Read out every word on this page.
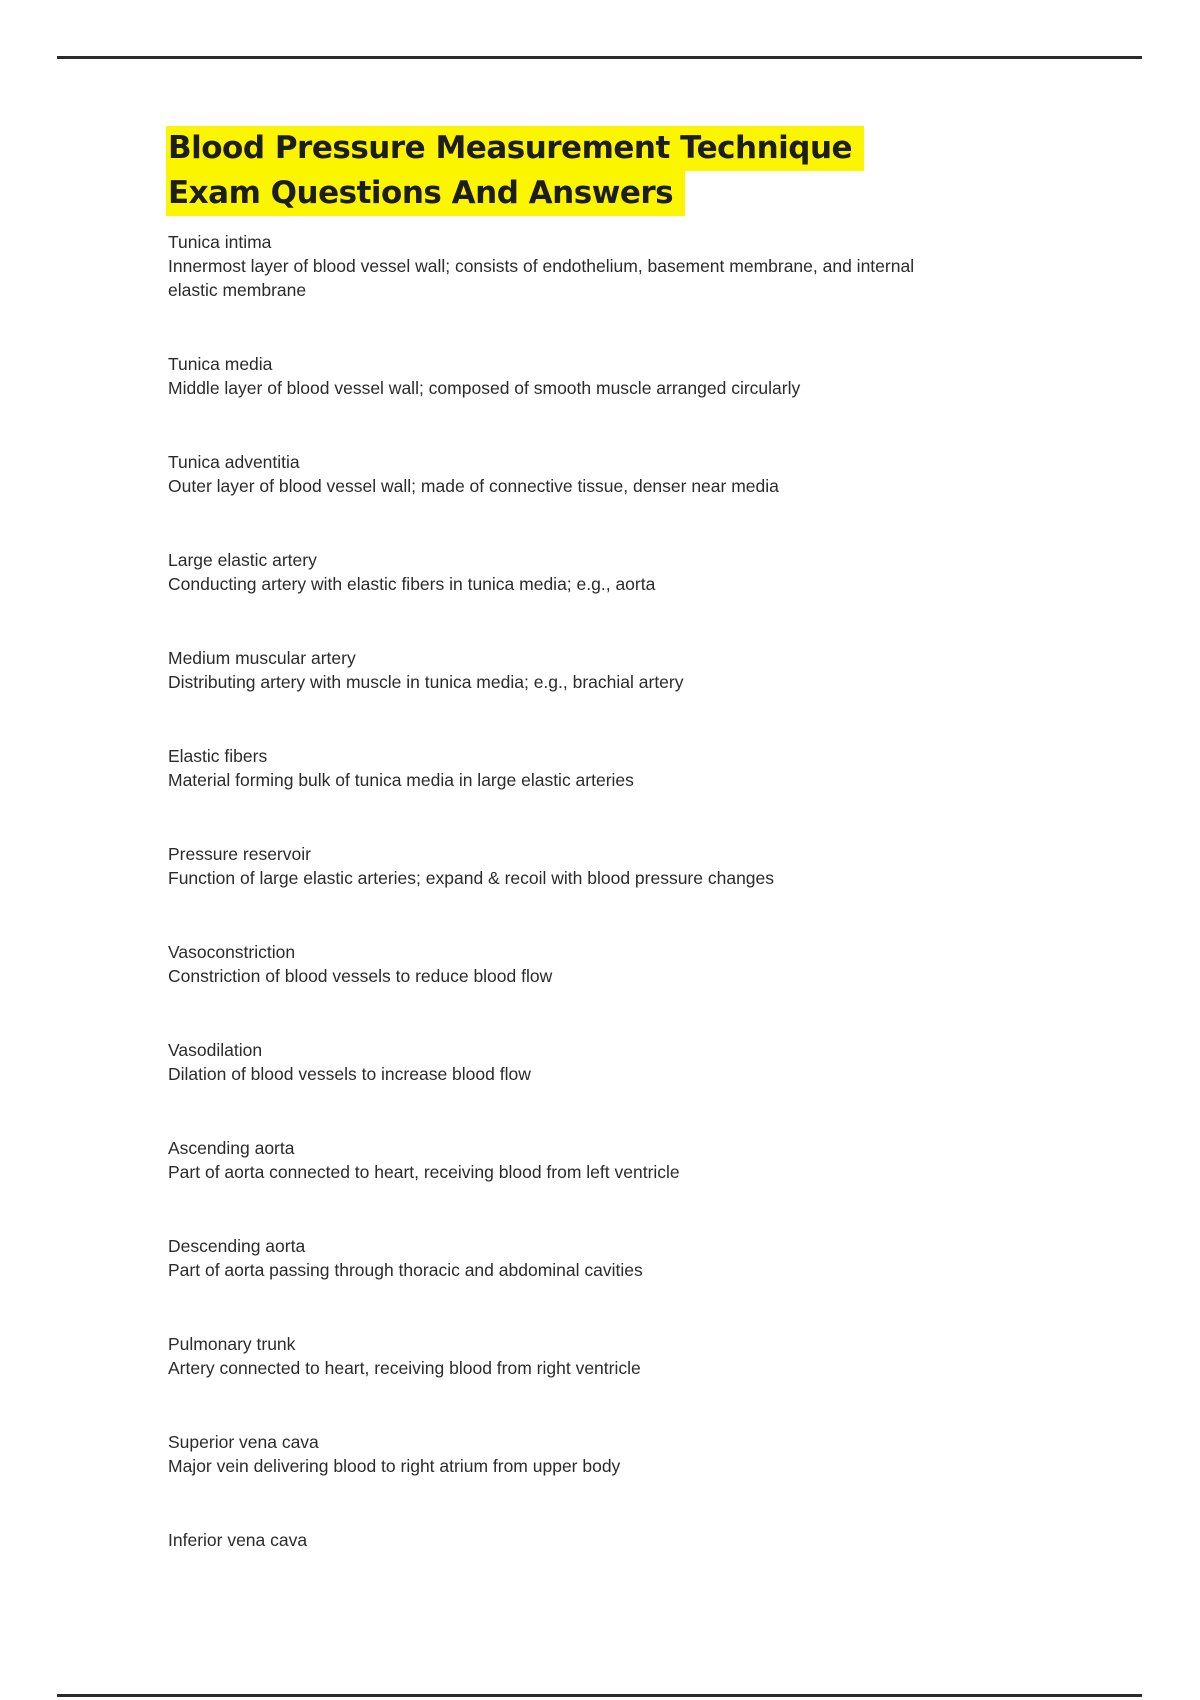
Blood Pressure Measurement Technique
Exam Questions And Answers
Tunica intima
Innermost layer of blood vessel wall; consists of endothelium, basement membrane, and internal elastic membrane
Tunica media
Middle layer of blood vessel wall; composed of smooth muscle arranged circularly
Tunica adventitia
Outer layer of blood vessel wall; made of connective tissue, denser near media
Large elastic artery
Conducting artery with elastic fibers in tunica media; e.g., aorta
Medium muscular artery
Distributing artery with muscle in tunica media; e.g., brachial artery
Elastic fibers
Material forming bulk of tunica media in large elastic arteries
Pressure reservoir
Function of large elastic arteries; expand & recoil with blood pressure changes
Vasoconstriction
Constriction of blood vessels to reduce blood flow
Vasodilation
Dilation of blood vessels to increase blood flow
Ascending aorta
Part of aorta connected to heart, receiving blood from left ventricle
Descending aorta
Part of aorta passing through thoracic and abdominal cavities
Pulmonary trunk
Artery connected to heart, receiving blood from right ventricle
Superior vena cava
Major vein delivering blood to right atrium from upper body
Inferior vena cava
